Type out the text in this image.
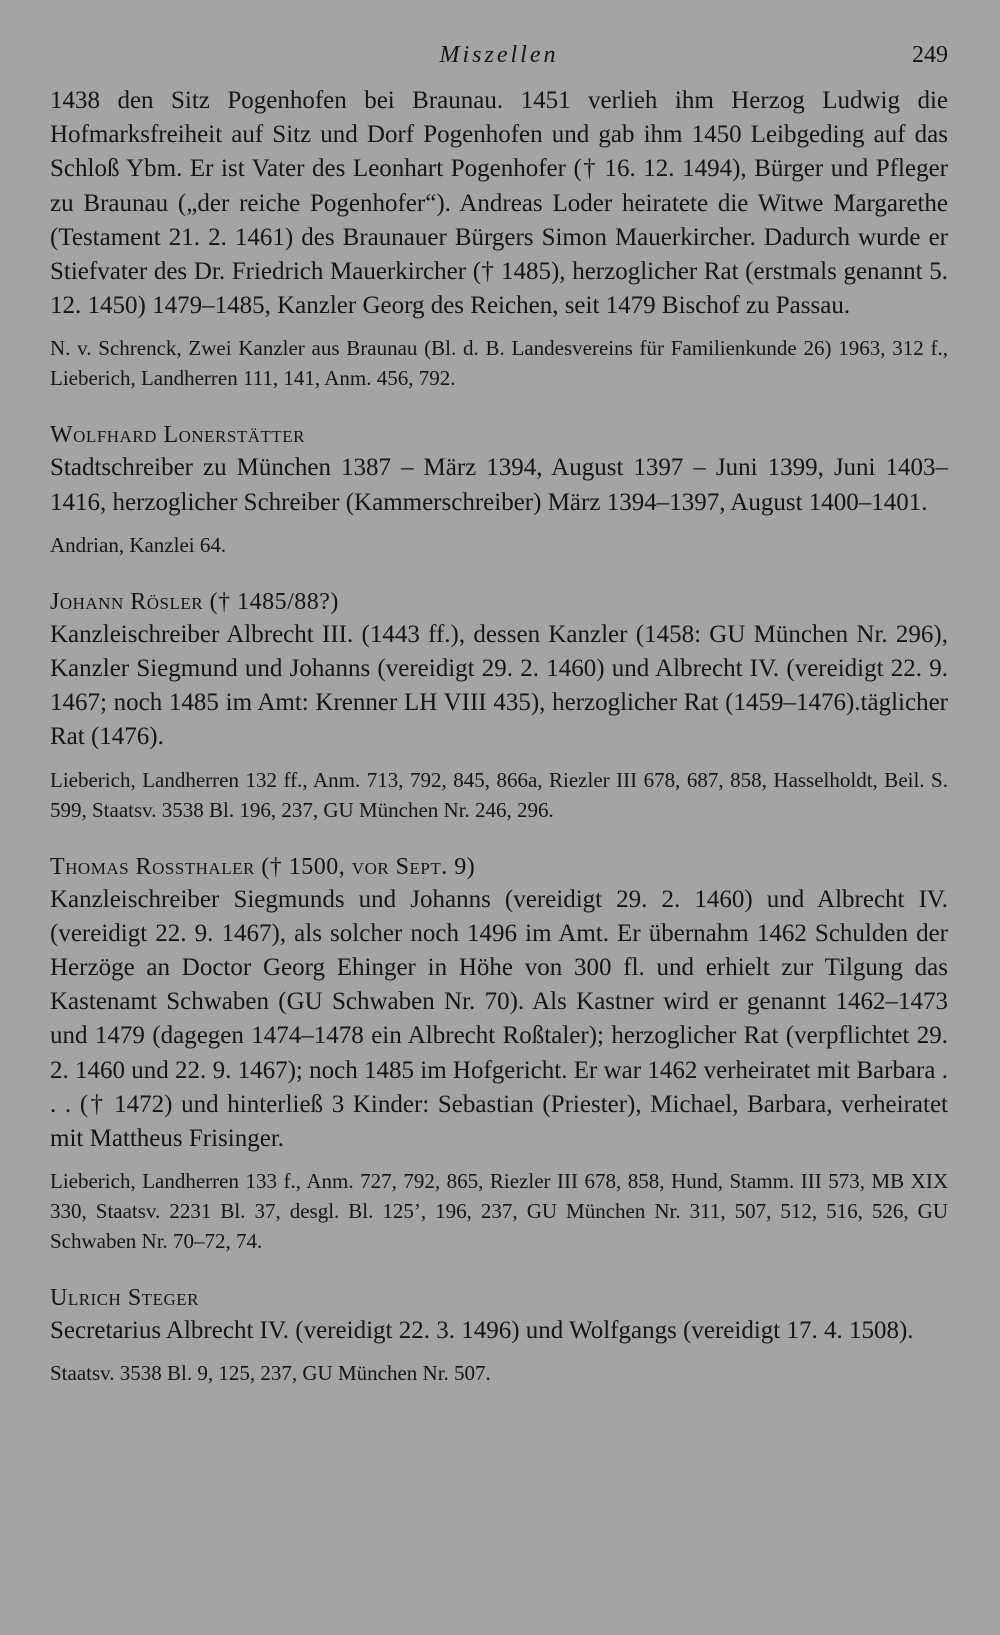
Miszellen	249

1438 den Sitz Pogenhofen bei Braunau. 1451 verlieh ihm Herzog Ludwig die Hofmarksfreiheit auf Sitz und Dorf Pogenhofen und gab ihm 1450 Leibgeding auf das Schloß Ybm. Er ist Vater des Leonhart Pogenhofer († 16. 12. 1494), Bürger und Pfleger zu Braunau („der reiche Pogenhofer“). Andreas Loder heiratete die Witwe Margarethe (Testament 21. 2. 1461) des Braunauer Bürgers Simon Mauerkircher. Dadurch wurde er Stiefvater des Dr. Friedrich Mauerkircher († 1485), herzoglicher Rat (erstmals genannt 5. 12. 1450) 1479–1485, Kanzler Georg des Reichen, seit 1479 Bischof zu Passau.

N. v. Schrenck, Zwei Kanzler aus Braunau (Bl. d. B. Landesvereins für Familienkunde 26) 1963, 312 f., Lieberich, Landherren 111, 141, Anm. 456, 792.

Wolfhard Lonerstätter

Stadtschreiber zu München 1387 – März 1394, August 1397 – Juni 1399, Juni 1403–1416, herzoglicher Schreiber (Kammerschreiber) März 1394–1397, August 1400–1401.

Andrian, Kanzlei 64.

Johann Rösler († 1485/88?)

Kanzleischreiber Albrecht III. (1443 ff.), dessen Kanzler (1458: GU München Nr. 296), Kanzler Siegmund und Johanns (vereidigt 29. 2. 1460) und Albrecht IV. (vereidigt 22. 9. 1467; noch 1485 im Amt: Krenner LH VIII 435), herzoglicher Rat (1459–1476).täglicher Rat (1476).

Lieberich, Landherren 132 ff., Anm. 713, 792, 845, 866a, Riezler III 678, 687, 858, Hasselholdt, Beil. S. 599, Staatsv. 3538 Bl. 196, 237, GU München Nr. 246, 296.

Thomas Rossthaler († 1500, vor Sept. 9)

Kanzleischreiber Siegmunds und Johanns (vereidigt 29. 2. 1460) und Albrecht IV. (vereidigt 22. 9. 1467), als solcher noch 1496 im Amt. Er übernahm 1462 Schulden der Herzöge an Doctor Georg Ehinger in Höhe von 300 fl. und erhielt zur Tilgung das Kastenamt Schwaben (GU Schwaben Nr. 70). Als Kastner wird er genannt 1462–1473 und 1479 (dagegen 1474–1478 ein Albrecht Roßtaler); herzoglicher Rat (verpflichtet 29. 2. 1460 und 22. 9. 1467); noch 1485 im Hofgericht. Er war 1462 verheiratet mit Barbara . . . († 1472) und hinterließ 3 Kinder: Sebastian (Priester), Michael, Barbara, verheiratet mit Mattheus Frisinger.

Lieberich, Landherren 133 f., Anm. 727, 792, 865, Riezler III 678, 858, Hund, Stamm. III 573, MB XIX 330, Staatsv. 2231 Bl. 37, desgl. Bl. 125’, 196, 237, GU München Nr. 311, 507, 512, 516, 526, GU Schwaben Nr. 70–72, 74.

Ulrich Steger

Secretarius Albrecht IV. (vereidigt 22. 3. 1496) und Wolfgangs (vereidigt 17. 4. 1508).

Staatsv. 3538 Bl. 9, 125, 237, GU München Nr. 507.
